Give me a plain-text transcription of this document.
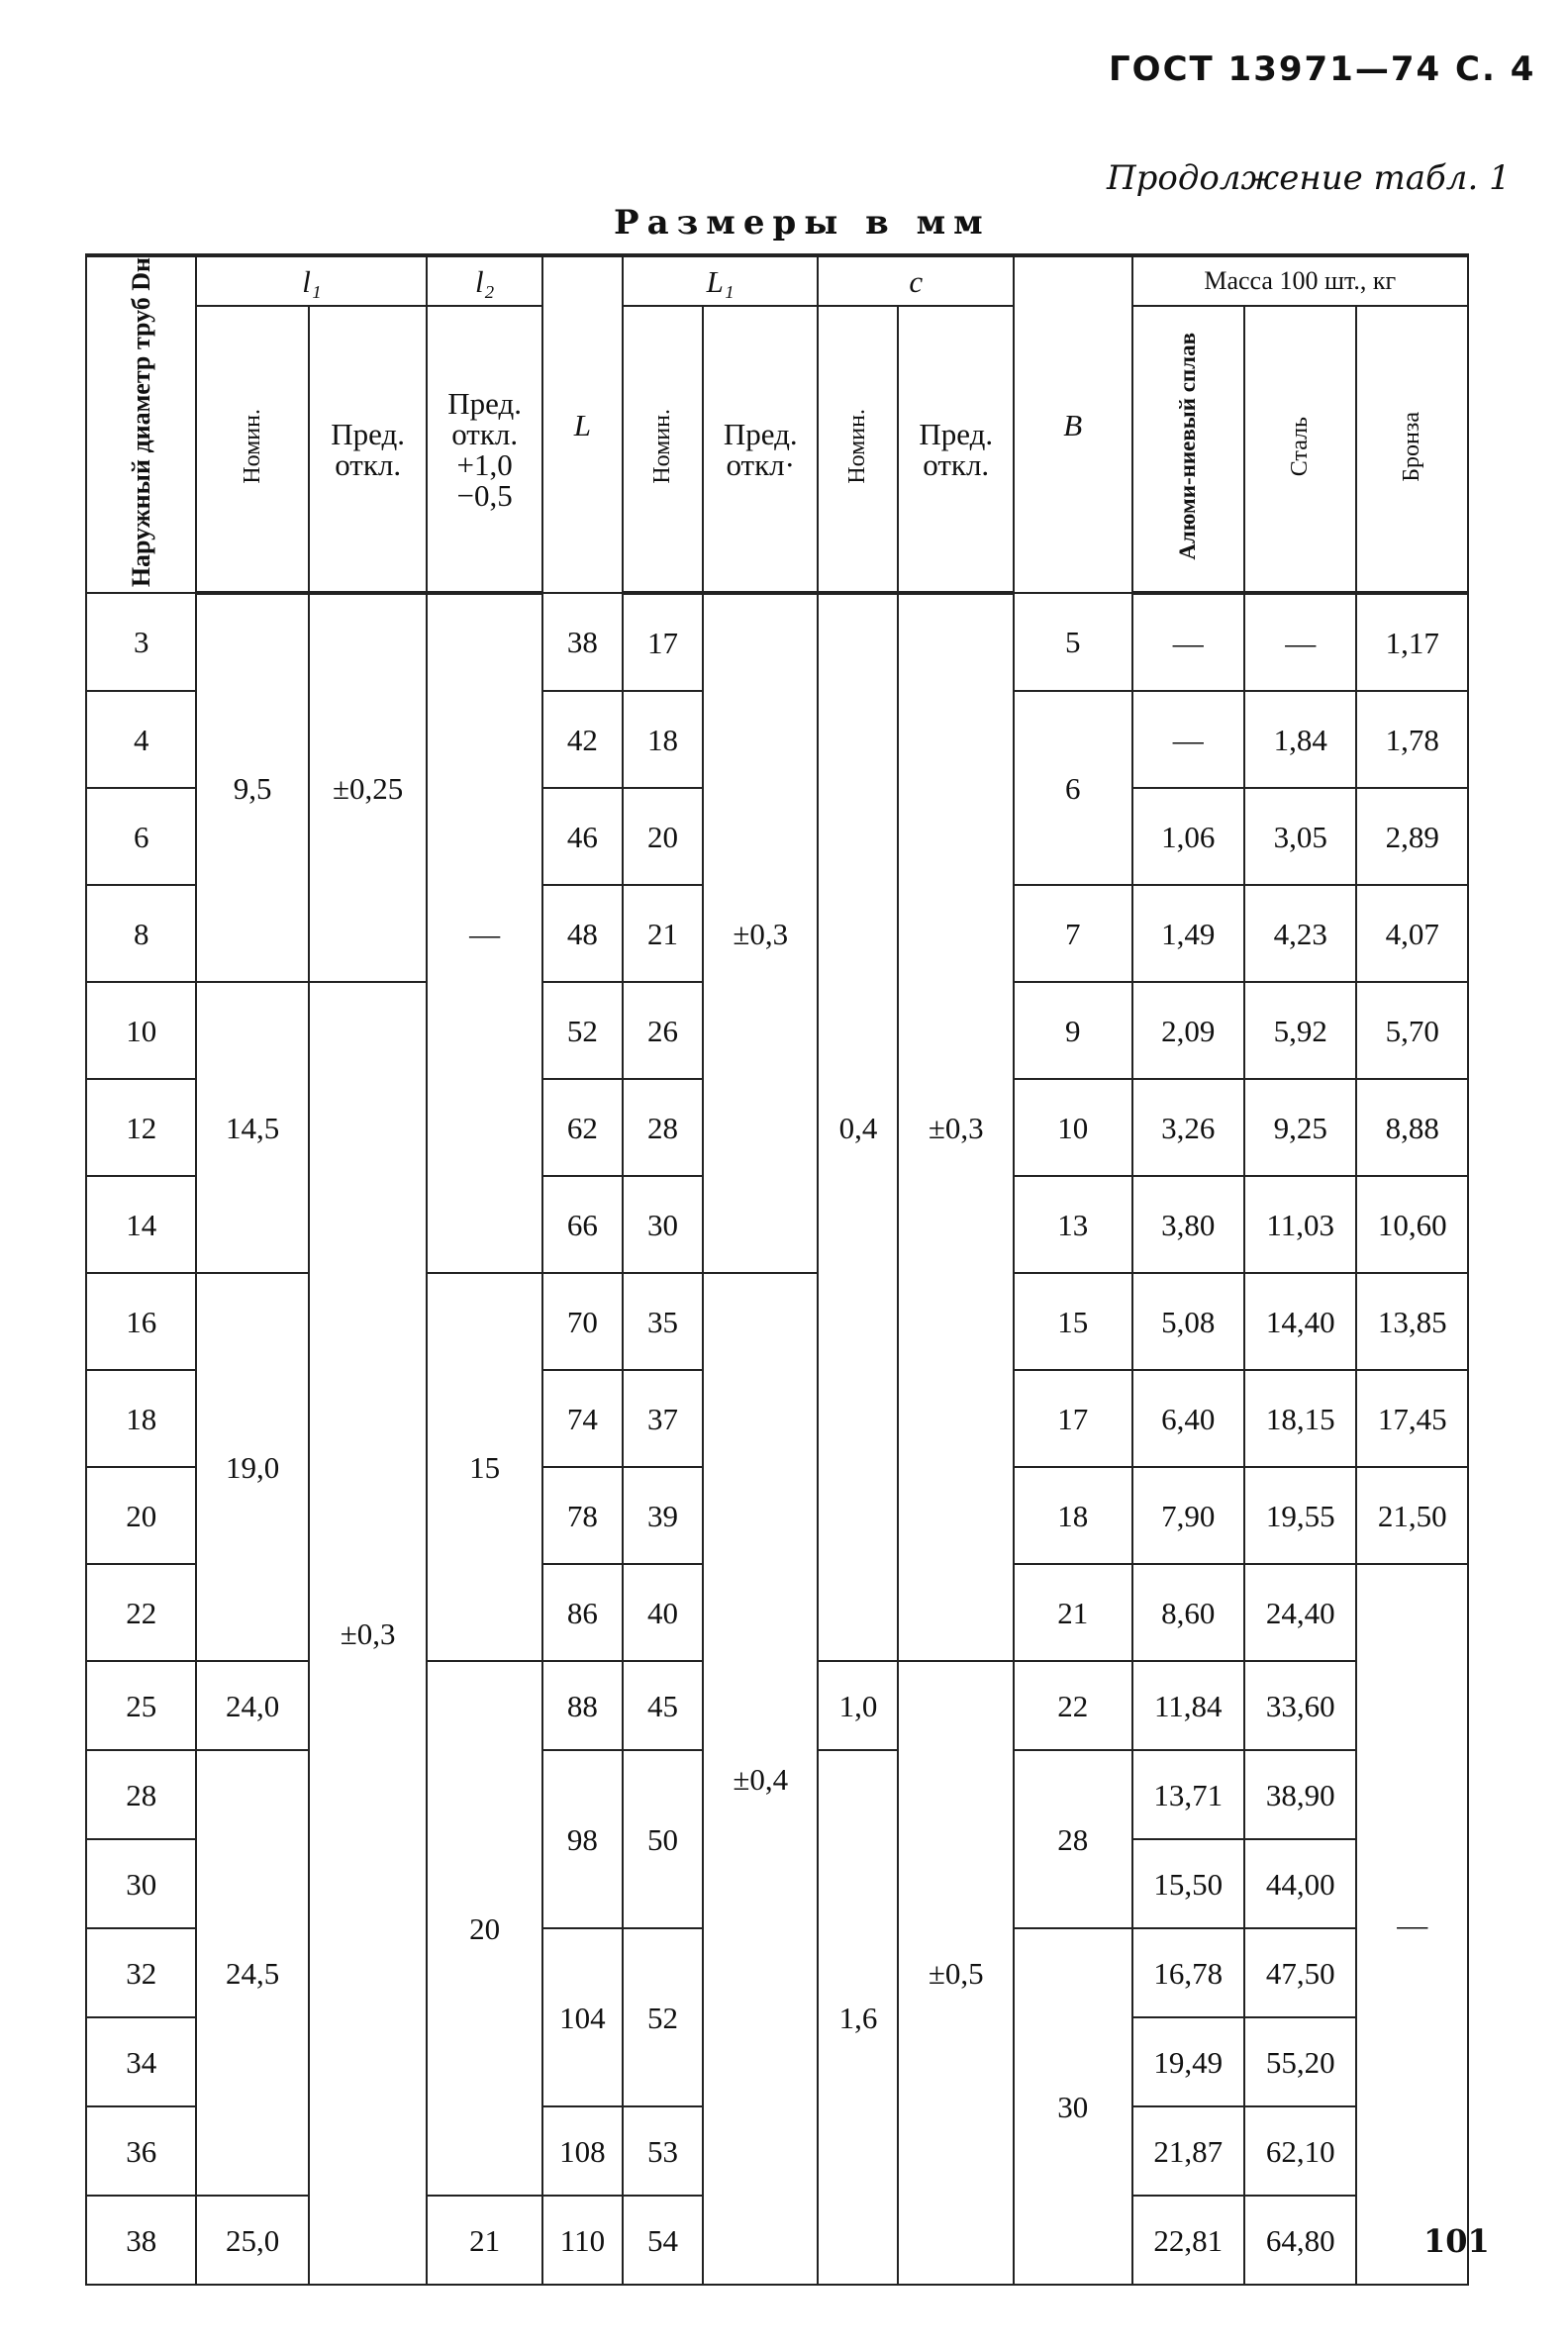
ГОСТ 13971—74 С. 4
Продолжение табл. 1
Размеры в мм
Наружный диаметр труб Dн	l₁		l₂	L	L₁		c		B	Масса 100 шт., кг		
	Номин.	Пред. откл.	Пред. откл. +1,0 −0,5		Номин.	Пред. откл·	Номин.	Пред. откл.		Алюми-ниевый сплав	Сталь	Бронза
3	9,5	±0,25	—	38	17	±0,3	0,4	±0,3	5	—	—	1,17
4				42	18				6	—	1,84	1,78
6				46	20					1,06	3,05	2,89
8				48	21				7	1,49	4,23	4,07
10	14,5	±0,3		52	26				9	2,09	5,92	5,70
12				62	28				10	3,26	9,25	8,88
14				66	30				13	3,80	11,03	10,60
16	19,0		15	70	35	±0,4			15	5,08	14,40	13,85
18				74	37				17	6,40	18,15	17,45
20				78	39				18	7,90	19,55	21,50
22				86	40				21	8,60	24,40	—
25	24,0		20	88	45		1,0	±0,5	22	11,84	33,60	
28	24,5			98	50		1,6		28	13,71	38,90	
30										15,50	44,00	
32				104	52				30	16,78	47,50	
34										19,49	55,20	
36				108	53					21,87	62,10	
38	25,0		21	110	54					22,81	64,80		101
